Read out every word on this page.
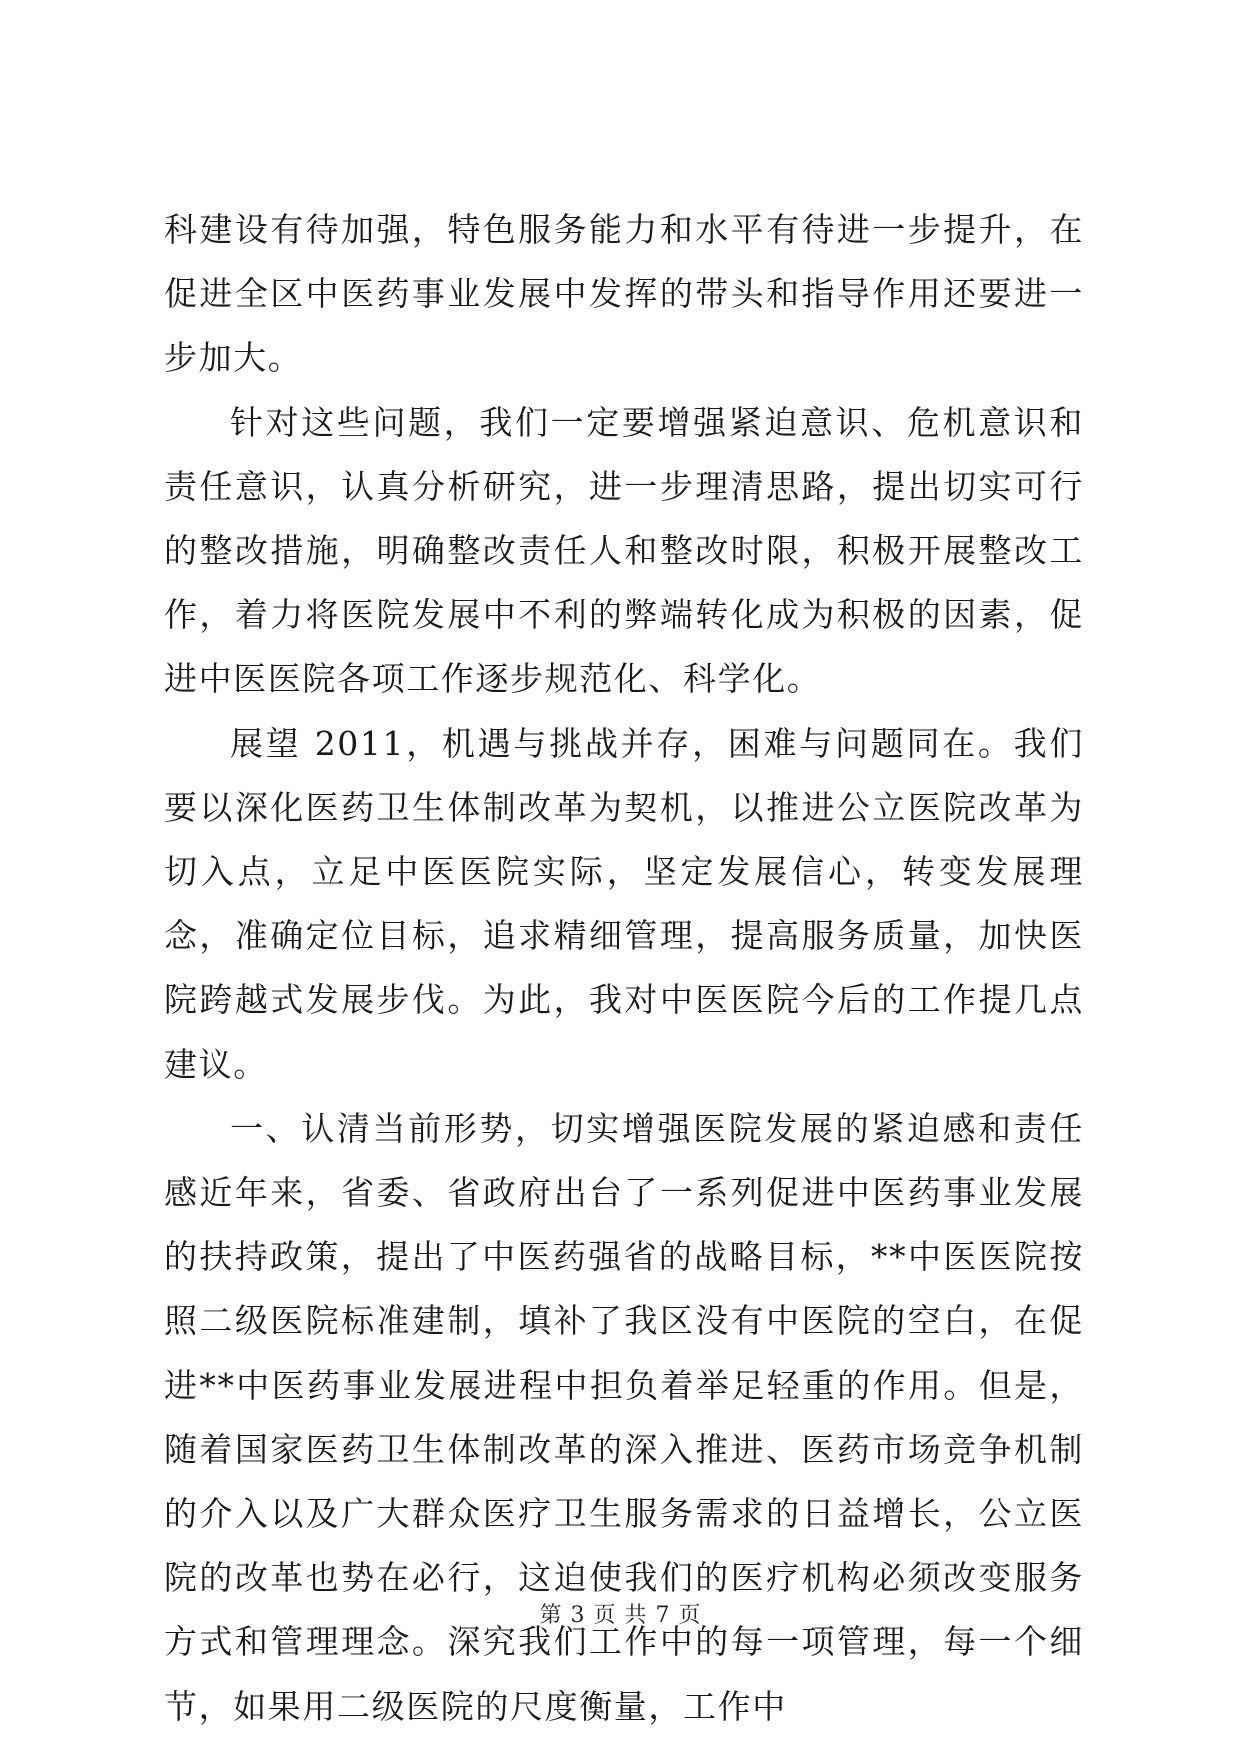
科建设有待加强，特色服务能力和水平有待进一步提升，在促进全区中医药事业发展中发挥的带头和指导作用还要进一步加大。

针对这些问题，我们一定要增强紧迫意识、危机意识和责任意识，认真分析研究，进一步理清思路，提出切实可行的整改措施，明确整改责任人和整改时限，积极开展整改工作，着力将医院发展中不利的弊端转化成为积极的因素，促进中医医院各项工作逐步规范化、科学化。

展望 2011，机遇与挑战并存，困难与问题同在。我们要以深化医药卫生体制改革为契机，以推进公立医院改革为切入点，立足中医医院实际，坚定发展信心，转变发展理念，准确定位目标，追求精细管理，提高服务质量，加快医院跨越式发展步伐。为此，我对中医医院今后的工作提几点建议。

一、认清当前形势，切实增强医院发展的紧迫感和责任感近年来，省委、省政府出台了一系列促进中医药事业发展的扶持政策，提出了中医药强省的战略目标，**中医医院按照二级医院标准建制，填补了我区没有中医院的空白，在促进**中医药事业发展进程中担负着举足轻重的作用。但是，随着国家医药卫生体制改革的深入推进、医药市场竞争机制的介入以及广大群众医疗卫生服务需求的日益增长，公立医院的改革也势在必行，这迫使我们的医疗机构必须改变服务方式和管理理念。深究我们工作中的每一项管理，每一个细节，如果用二级医院的尺度衡量，工作中

第 3 页 共 7 页
